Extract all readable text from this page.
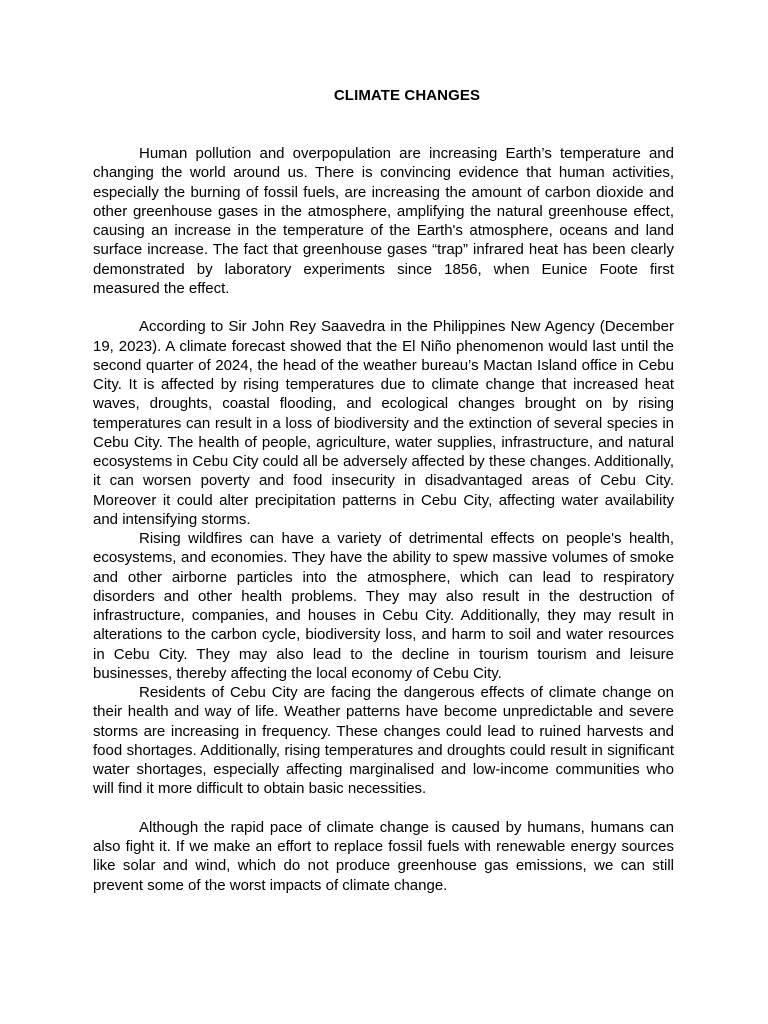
CLIMATE CHANGES

Human pollution and overpopulation are increasing Earth’s temperature and changing the world around us. There is convincing evidence that human activities, especially the burning of fossil fuels, are increasing the amount of carbon dioxide and other greenhouse gases in the atmosphere, amplifying the natural greenhouse effect, causing an increase in the temperature of the Earth's atmosphere, oceans and land surface increase. The fact that greenhouse gases “trap” infrared heat has been clearly demonstrated by laboratory experiments since 1856, when Eunice Foote first measured the effect.

According to Sir John Rey Saavedra in the Philippines New Agency (December 19, 2023). A climate forecast showed that the El Niño phenomenon would last until the second quarter of 2024, the head of the weather bureau’s Mactan Island office in Cebu City. It is affected by rising temperatures due to climate change that increased heat waves, droughts, coastal flooding, and ecological changes brought on by rising temperatures can result in a loss of biodiversity and the extinction of several species in Cebu City. The health of people, agriculture, water supplies, infrastructure, and natural ecosystems in Cebu City could all be adversely affected by these changes. Additionally, it can worsen poverty and food insecurity in disadvantaged areas of Cebu City. Moreover it could alter precipitation patterns in Cebu City, affecting water availability and intensifying storms.

Rising wildfires can have a variety of detrimental effects on people's health, ecosystems, and economies. They have the ability to spew massive volumes of smoke and other airborne particles into the atmosphere, which can lead to respiratory disorders and other health problems. They may also result in the destruction of infrastructure, companies, and houses in Cebu City. Additionally, they may result in alterations to the carbon cycle, biodiversity loss, and harm to soil and water resources in Cebu City. They may also lead to the decline in tourism tourism and leisure businesses, thereby affecting the local economy of Cebu City.

Residents of Cebu City are facing the dangerous effects of climate change on their health and way of life. Weather patterns have become unpredictable and severe storms are increasing in frequency. These changes could lead to ruined harvests and food shortages. Additionally, rising temperatures and droughts could result in significant water shortages, especially affecting marginalised and low-income communities who will find it more difficult to obtain basic necessities.

Although the rapid pace of climate change is caused by humans, humans can also fight it. If we make an effort to replace fossil fuels with renewable energy sources like solar and wind, which do not produce greenhouse gas emissions, we can still prevent some of the worst impacts of climate change.
